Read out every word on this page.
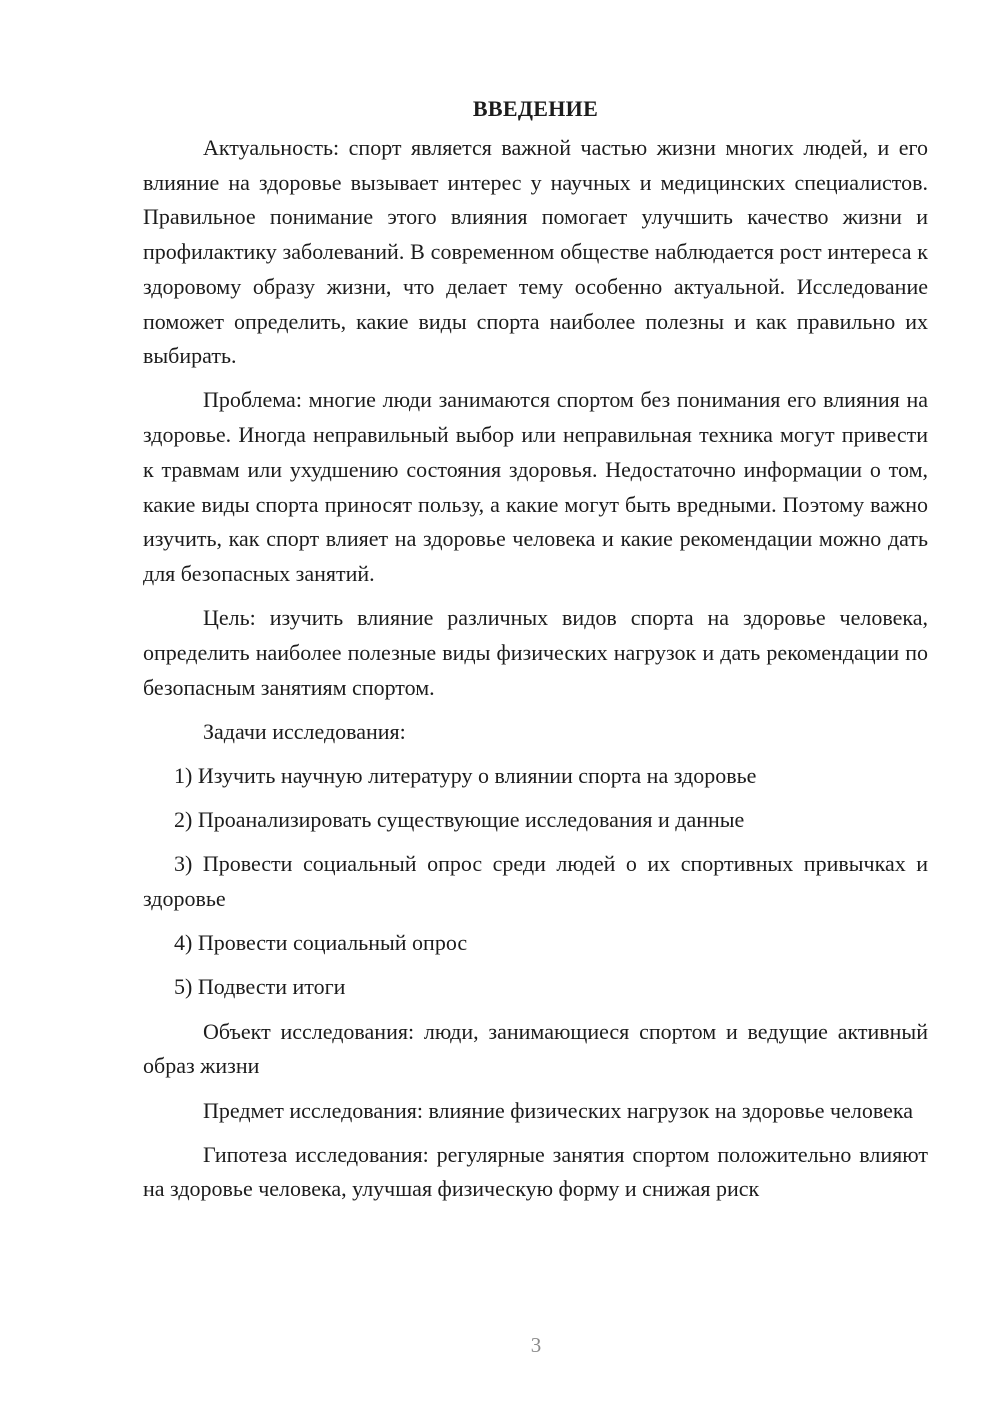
ВВЕДЕНИЕ

Актуальность: спорт является важной частью жизни многих людей, и его влияние на здоровье вызывает интерес у научных и медицинских специалистов. Правильное понимание этого влияния помогает улучшить качество жизни и профилактику заболеваний. В современном обществе наблюдается рост интереса к здоровому образу жизни, что делает тему особенно актуальной. Исследование поможет определить, какие виды спорта наиболее полезны и как правильно их выбирать.

Проблема: многие люди занимаются спортом без понимания его влияния на здоровье. Иногда неправильный выбор или неправильная техника могут привести к травмам или ухудшению состояния здоровья. Недостаточно информации о том, какие виды спорта приносят пользу, а какие могут быть вредными. Поэтому важно изучить, как спорт влияет на здоровье человека и какие рекомендации можно дать для безопасных занятий.

Цель: изучить влияние различных видов спорта на здоровье человека, определить наиболее полезные виды физических нагрузок и дать рекомендации по безопасным занятиям спортом.

Задачи исследования:

1) Изучить научную литературу о влиянии спорта на здоровье

2) Проанализировать существующие исследования и данные

3) Провести социальный опрос среди людей о их спортивных привычках и здоровье

4) Провести социальный опрос

5) Подвести итоги

Объект исследования: люди, занимающиеся спортом и ведущие активный образ жизни

Предмет исследования: влияние физических нагрузок на здоровье человека

Гипотеза исследования: регулярные занятия спортом положительно влияют на здоровье человека, улучшая физическую форму и снижая риск

3
